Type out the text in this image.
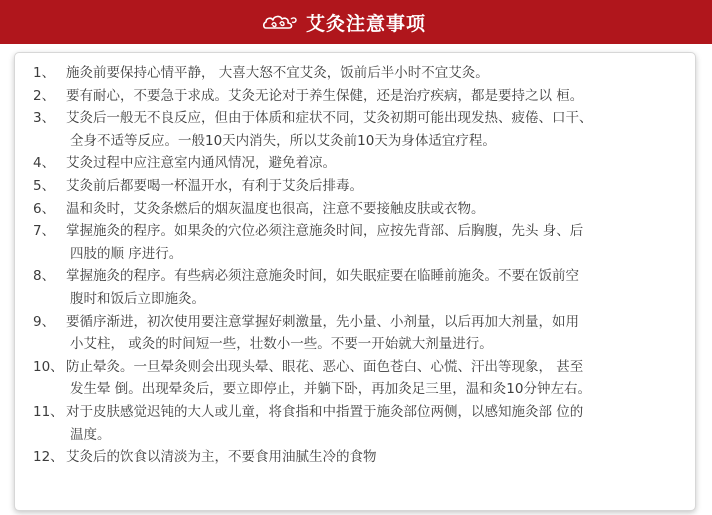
艾灸注意事项
1、 施灸前要保持心情平静， 大喜大怒不宜艾灸，饭前后半小时不宜艾灸。
2、 要有耐心，不要急于求成。艾灸无论对于养生保健，还是治疗疾病，都是要持之以 桓。
3、 艾灸后一般无不良反应，但由于体质和症状不同，艾灸初期可能出现发热、疲倦、口干、
全身不适等反应。一般10天内消失，所以艾灸前10天为身体适宜疗程。
4、 艾灸过程中应注意室内通风情况，避免着凉。
5、 艾灸前后都要喝一杯温开水，有利于艾灸后排毒。
6、 温和灸时，艾灸条燃后的烟灰温度也很高，注意不要接触皮肤或衣物。
7、 掌握施灸的程序。如果灸的穴位必须注意施灸时间，应按先背部、后胸腹，先头 身、后
四肢的顺 序进行。
8、 掌握施灸的程序。有些病必须注意施灸时间，如失眠症要在临睡前施灸。不要在饭前空
腹时和饭后立即施灸。
9、 要循序渐进，初次使用要注意掌握好刺激量，先小量、小剂量，以后再加大剂量，如用
小艾柱， 或灸的时间短一些，壮数小一些。不要一开始就大剂量进行。
10、 防止晕灸。一旦晕灸则会出现头晕、眼花、恶心、面色苍白、心慌、汗出等现象， 甚至
发生晕 倒。出现晕灸后，要立即停止，并躺下卧，再加灸足三里，温和灸10分钟左右。
11、 对于皮肤感觉迟钝的大人或儿童，将食指和中指置于施灸部位两侧，以感知施灸部 位的
温度。
12、 艾灸后的饮食以清淡为主，不要食用油腻生冷的食物
